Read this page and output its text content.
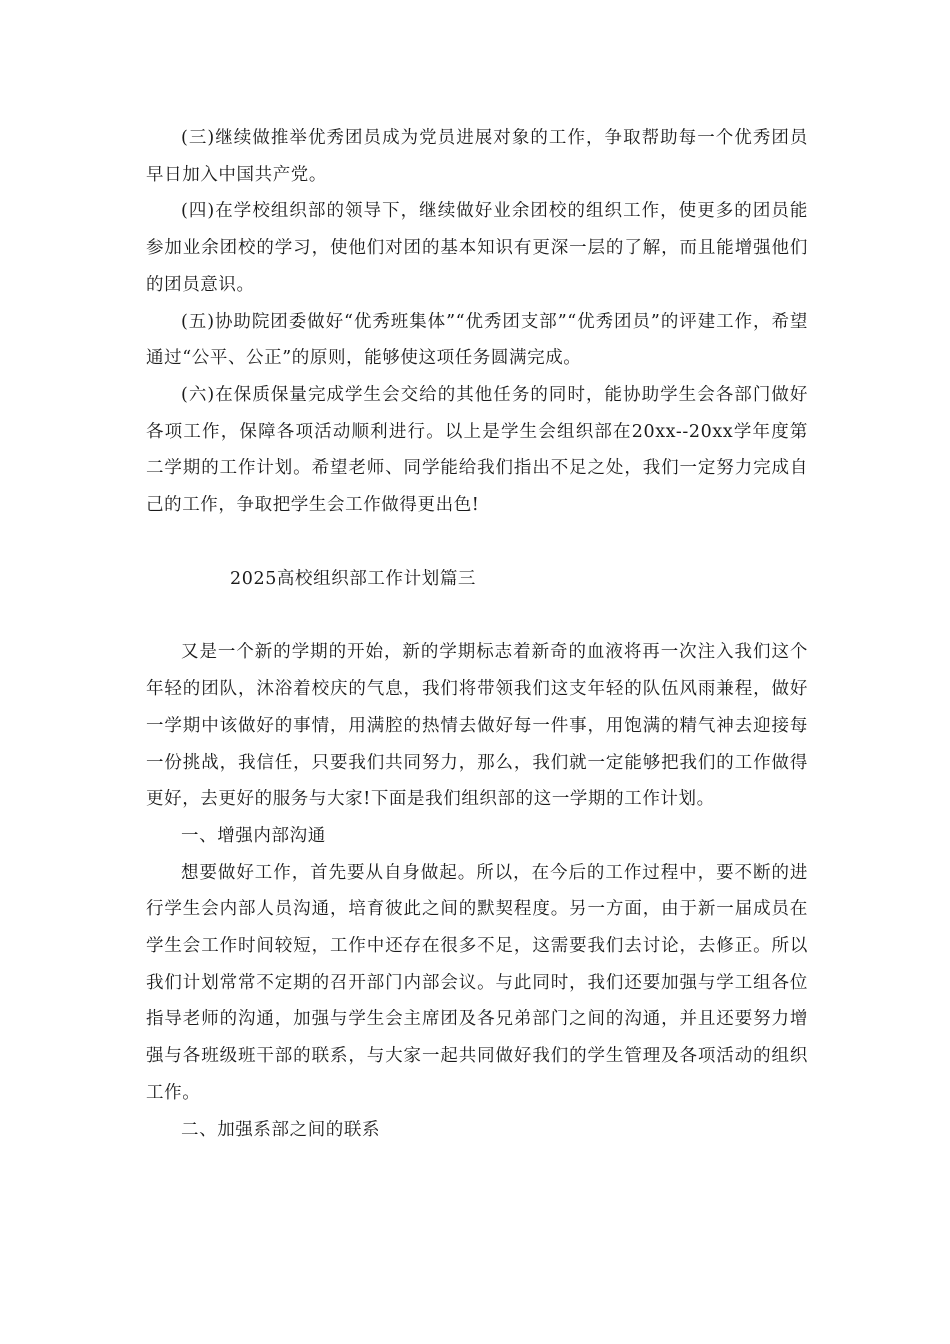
(三)继续做推举优秀团员成为党员进展对象的工作，争取帮助每一个优秀团员早日加入中国共产党。

(四)在学校组织部的领导下，继续做好业余团校的组织工作，使更多的团员能参加业余团校的学习，使他们对团的基本知识有更深一层的了解，而且能增强他们的团员意识。

(五)协助院团委做好“优秀班集体”“优秀团支部”“优秀团员”的评建工作，希望通过“公平、公正”的原则，能够使这项任务圆满完成。

(六)在保质保量完成学生会交给的其他任务的同时，能协助学生会各部门做好各项工作，保障各项活动顺利进行。以上是学生会组织部在20xx--20xx学年度第二学期的工作计划。希望老师、同学能给我们指出不足之处，我们一定努力完成自己的工作，争取把学生会工作做得更出色!

2025高校组织部工作计划篇三

又是一个新的学期的开始，新的学期标志着新奇的血液将再一次注入我们这个年轻的团队，沐浴着校庆的气息，我们将带领我们这支年轻的队伍风雨兼程，做好一学期中该做好的事情，用满腔的热情去做好每一件事，用饱满的精气神去迎接每一份挑战，我信任，只要我们共同努力，那么，我们就一定能够把我们的工作做得更好，去更好的服务与大家!下面是我们组织部的这一学期的工作计划。

一、增强内部沟通

想要做好工作，首先要从自身做起。所以，在今后的工作过程中，要不断的进行学生会内部人员沟通，培育彼此之间的默契程度。另一方面，由于新一届成员在学生会工作时间较短，工作中还存在很多不足，这需要我们去讨论，去修正。所以我们计划常常不定期的召开部门内部会议。与此同时，我们还要加强与学工组各位指导老师的沟通，加强与学生会主席团及各兄弟部门之间的沟通，并且还要努力增强与各班级班干部的联系，与大家一起共同做好我们的学生管理及各项活动的组织工作。

二、加强系部之间的联系
